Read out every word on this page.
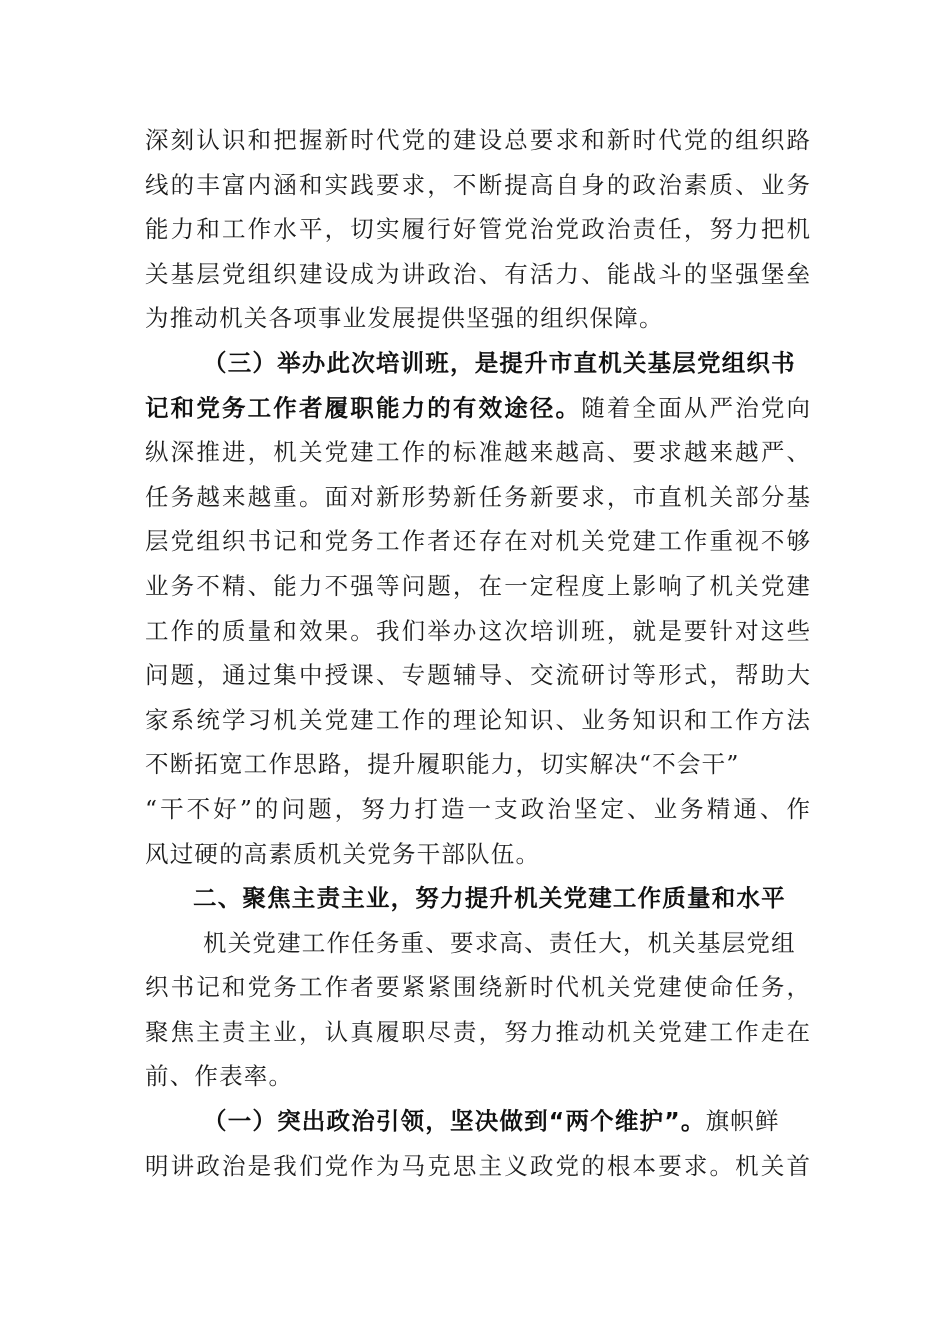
深刻认识和把握新时代党的建设总要求和新时代党的组织路
线的丰富内涵和实践要求，不断提高自身的政治素质、业务
能力和工作水平，切实履行好管党治党政治责任，努力把机
关基层党组织建设成为讲政治、有活力、能战斗的坚强堡垒
为推动机关各项事业发展提供坚强的组织保障。
（三）举办此次培训班，是提升市直机关基层党组织书
记和党务工作者履职能力的有效途径。随着全面从严治党向
纵深推进，机关党建工作的标准越来越高、要求越来越严、
任务越来越重。面对新形势新任务新要求，市直机关部分基
层党组织书记和党务工作者还存在对机关党建工作重视不够
业务不精、能力不强等问题，在一定程度上影响了机关党建
工作的质量和效果。我们举办这次培训班，就是要针对这些
问题，通过集中授课、专题辅导、交流研讨等形式，帮助大
家系统学习机关党建工作的理论知识、业务知识和工作方法
不断拓宽工作思路，提升履职能力，切实解决“不会干”
“干不好”的问题，努力打造一支政治坚定、业务精通、作
风过硬的高素质机关党务干部队伍。
二、聚焦主责主业，努力提升机关党建工作质量和水平
机关党建工作任务重、要求高、责任大，机关基层党组
织书记和党务工作者要紧紧围绕新时代机关党建使命任务，
聚焦主责主业，认真履职尽责，努力推动机关党建工作走在
前、作表率。
（一）突出政治引领，坚决做到“两个维护”。旗帜鲜
明讲政治是我们党作为马克思主义政党的根本要求。机关首
